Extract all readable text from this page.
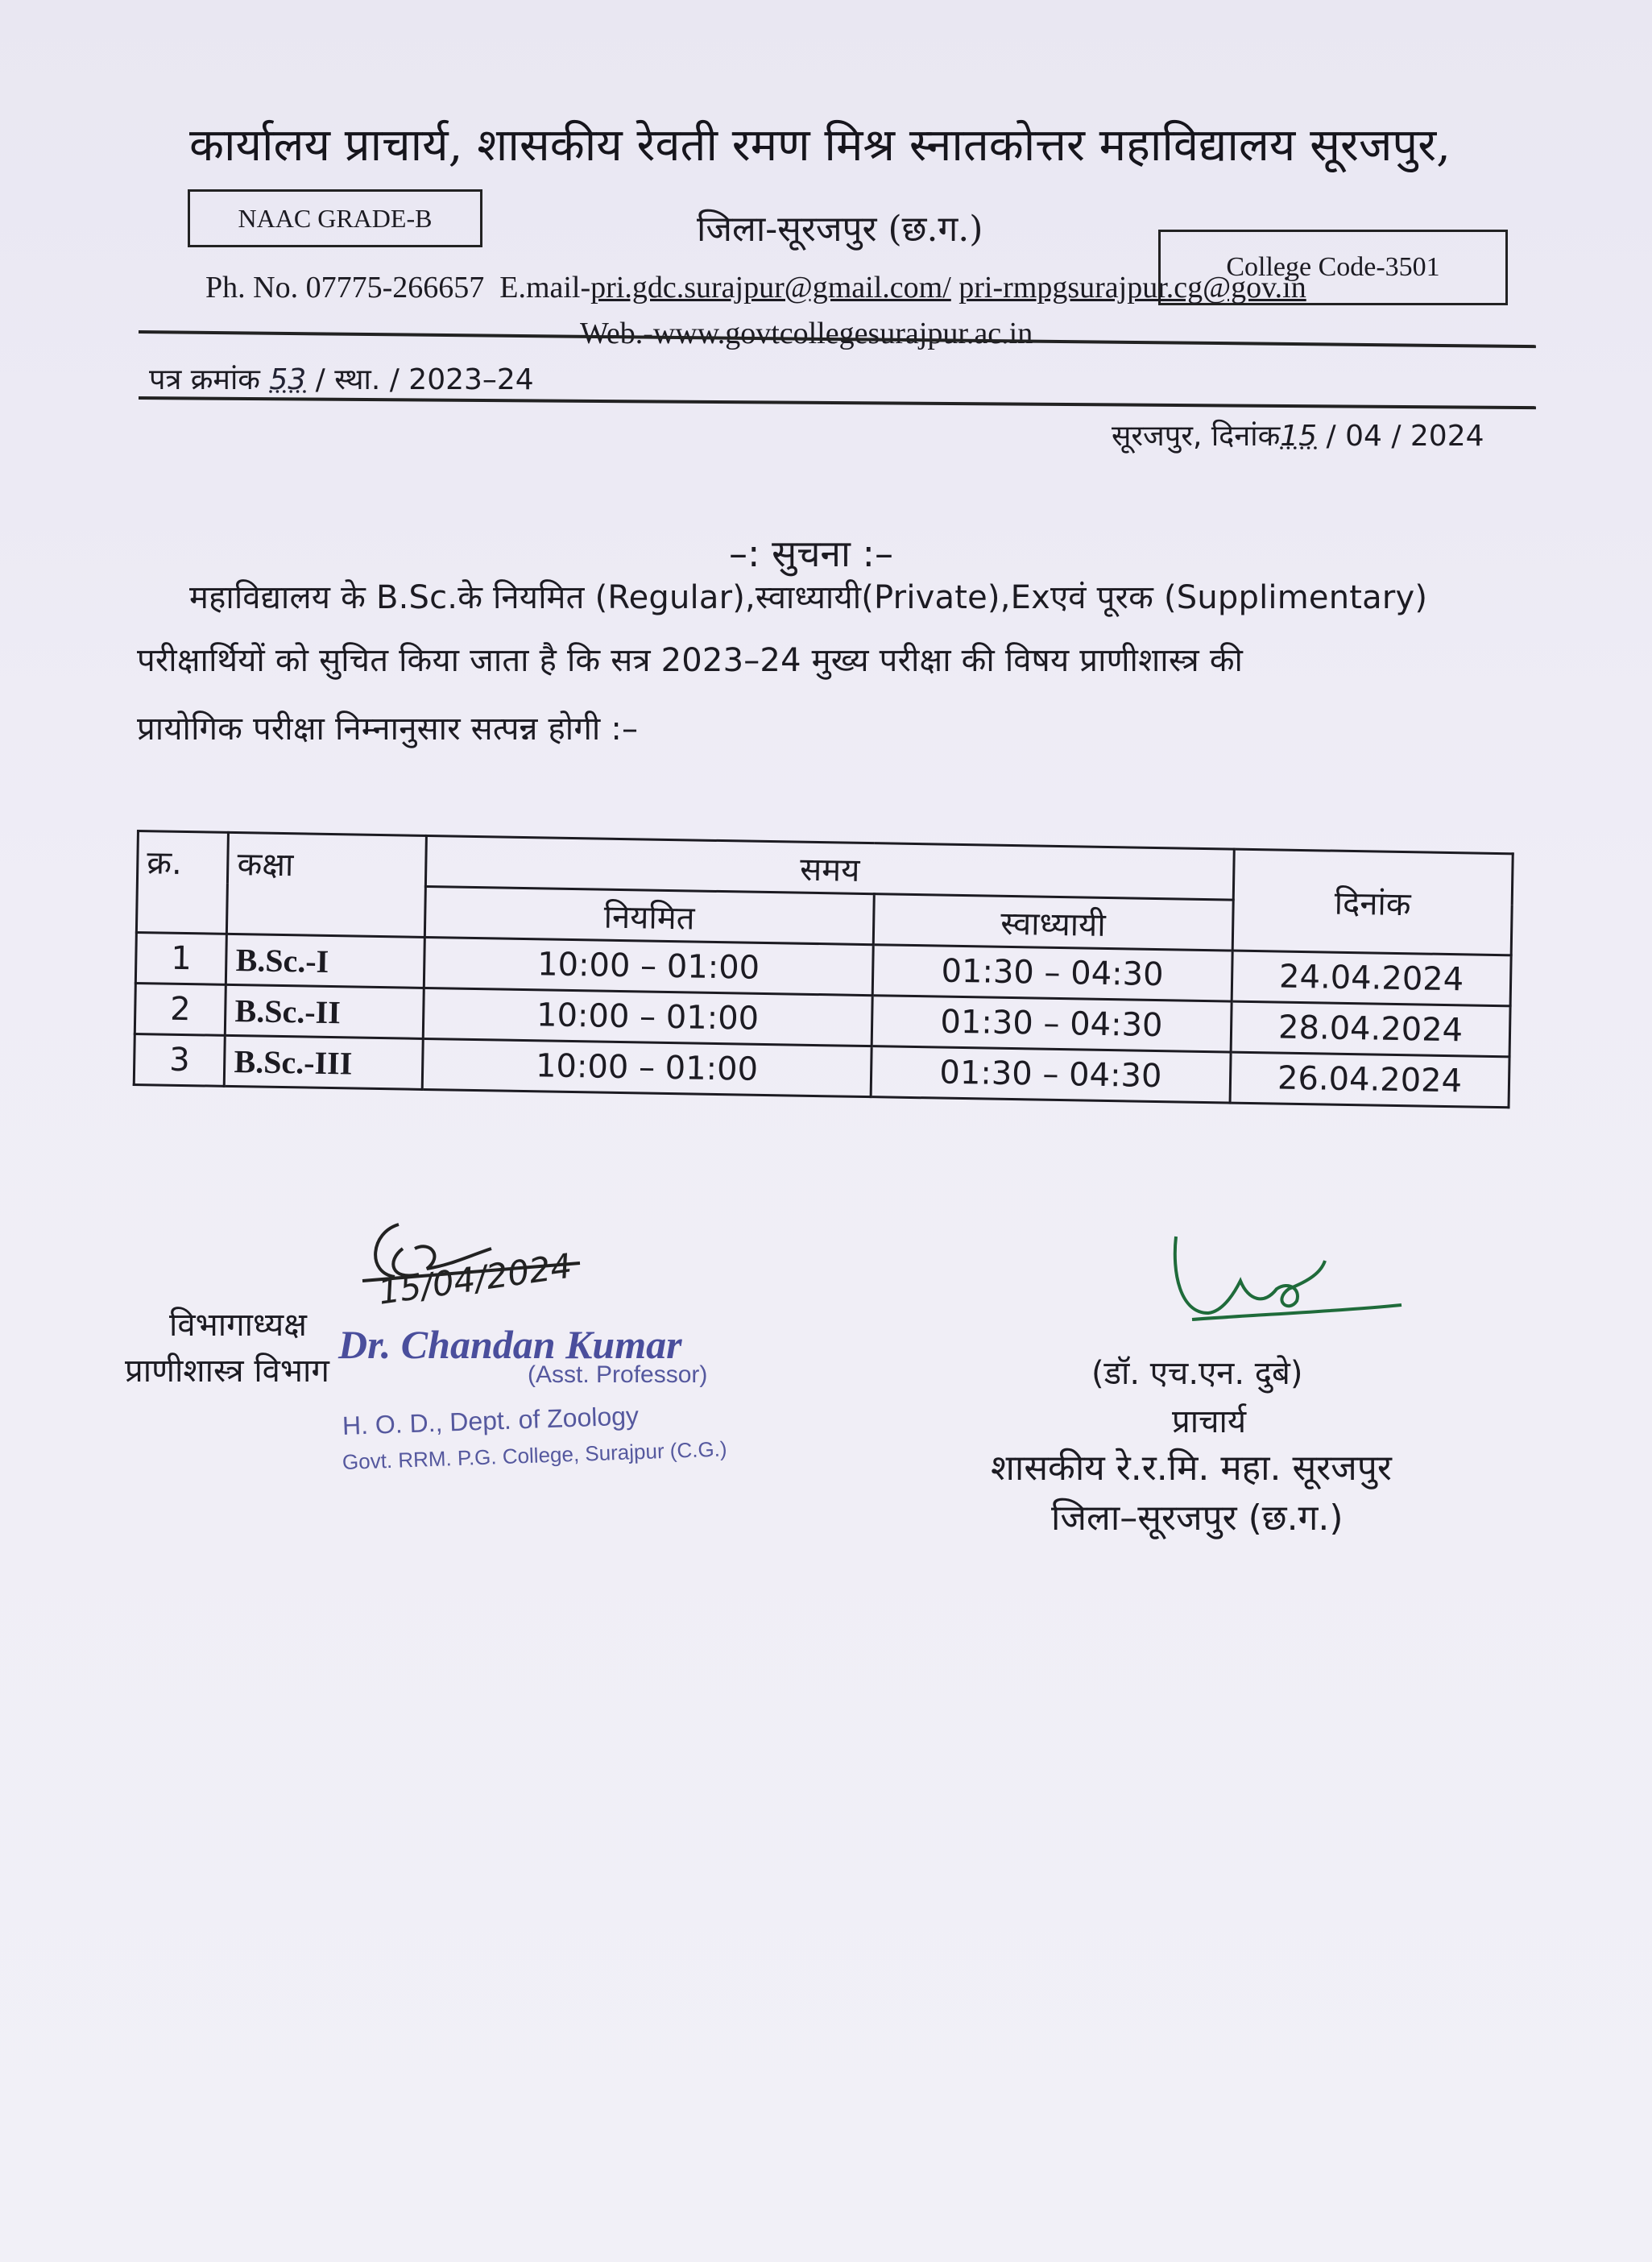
कार्यालय प्राचार्य, शासकीय रेवती रमण मिश्र स्नातकोत्तर महाविद्यालय सूरजपुर,
NAAC GRADE-B	जिला-सूरजपुर (छ.ग.)
College Code-3501
Ph. No. 07775-266657 E.mail-pri.gdc.surajpur@gmail.com/ pri-rmpgsurajpur.cg@gov.in
Web.-www.govtcollegesurajpur.ac.in
पत्र क्रमांक 53 / स्था. / 2023–24
सूरजपुर, दिनांक15 / 04 / 2024
–: सुचना :–
महाविद्यालय के B.Sc.के नियमित (Regular),स्वाध्यायी(Private),Exएवं पूरक (Supplimentary)
परीक्षार्थियों को सुचित किया जाता है कि सत्र 2023–24 मुख्य परीक्षा की विषय प्राणीशास्त्र की
प्रायोगिक परीक्षा निम्नानुसार सत्पन्न होगी :–
क्र.	कक्षा	समय		दिनांक
		नियमित	स्वाध्यायी	
1	B.Sc.-I	10:00 – 01:00	01:30 – 04:30	24.04.2024
2	B.Sc.-II	10:00 – 01:00	01:30 – 04:30	28.04.2024
3	B.Sc.-III	10:00 – 01:00	01:30 – 04:30	26.04.2024
विभागाध्यक्ष
प्राणीशास्त्र विभाग
15/04/2024
Dr. Chandan Kumar
(Asst. Professor)
H. O. D., Dept. of Zoology
Govt. RRM. P.G. College, Surajpur (C.G.)
(डॉ. एच.एन. दुबे)
प्राचार्य
शासकीय रे.र.मि. महा. सूरजपुर
जिला–सूरजपुर (छ.ग.)
